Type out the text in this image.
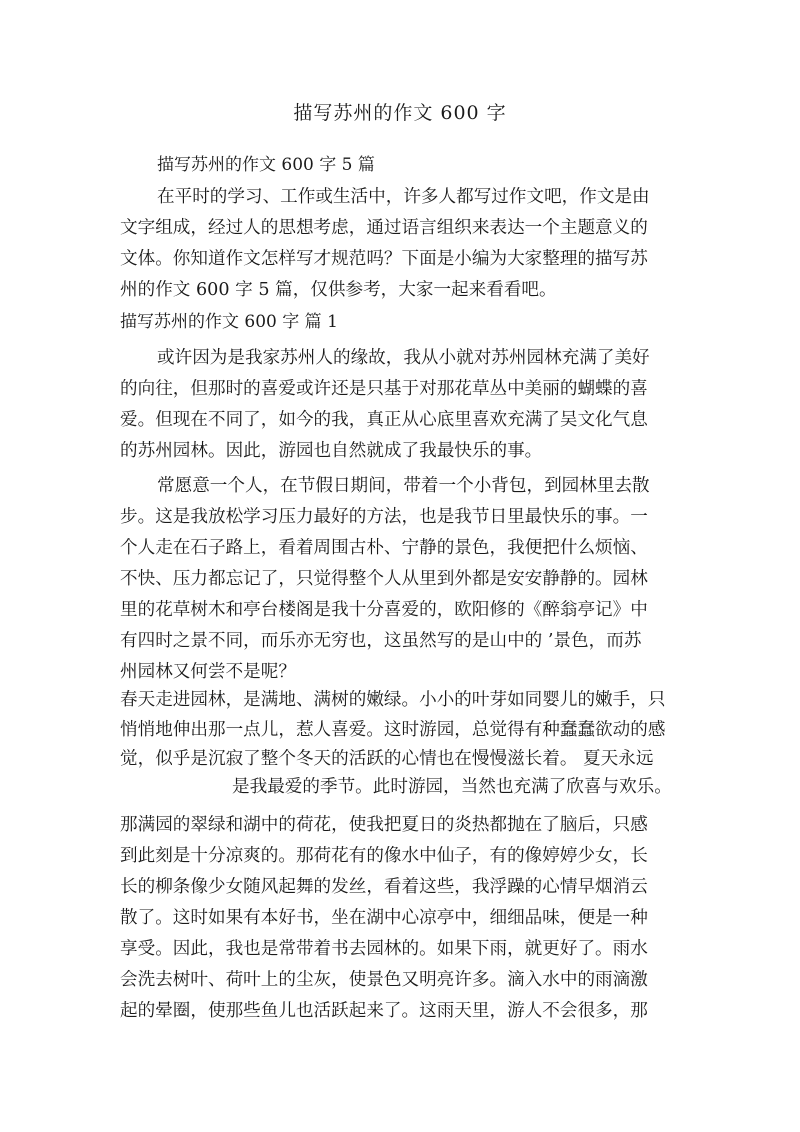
描写苏州的作文 600 字
描写苏州的作文 600 字 5 篇
在平时的学习、工作或生活中，许多人都写过作文吧，作文是由
文字组成，经过人的思想考虑，通过语言组织来表达一个主题意义的
文体。你知道作文怎样写才规范吗？下面是小编为大家整理的描写苏
州的作文 600 字 5 篇，仅供参考，大家一起来看看吧。
描写苏州的作文 600 字 篇 1
或许因为是我家苏州人的缘故，我从小就对苏州园林充满了美好
的向往，但那时的喜爱或许还是只基于对那花草丛中美丽的蝴蝶的喜
爱。但现在不同了，如今的我，真正从心底里喜欢充满了吴文化气息
的苏州园林。因此，游园也自然就成了我最快乐的事。
常愿意一个人，在节假日期间，带着一个小背包，到园林里去散
步。这是我放松学习压力最好的方法，也是我节日里最快乐的事。一
个人走在石子路上，看着周围古朴、宁静的景色，我便把什么烦恼、
不快、压力都忘记了，只觉得整个人从里到外都是安安静静的。园林
里的花草树木和亭台楼阁是我十分喜爱的，欧阳修的《醉翁亭记》中
有四时之景不同，而乐亦无穷也，这虽然写的是山中的 ’景色，而苏
州园林又何尝不是呢？
春天走进园林，是满地、满树的嫩绿。小小的叶芽如同婴儿的嫩手，只
悄悄地伸出那一点儿，惹人喜爱。这时游园，总觉得有种蠢蠢欲动的感
觉，似乎是沉寂了整个冬天的活跃的心情也在慢慢滋长着。 夏天永远
是我最爱的季节。此时游园，当然也充满了欣喜与欢乐。
那满园的翠绿和湖中的荷花，使我把夏日的炎热都抛在了脑后，只感
到此刻是十分凉爽的。那荷花有的像水中仙子，有的像婷婷少女，长
长的柳条像少女随风起舞的发丝，看着这些，我浮躁的心情早烟消云
散了。这时如果有本好书，坐在湖中心凉亭中，细细品味，便是一种
享受。因此，我也是常带着书去园林的。如果下雨，就更好了。雨水
会洗去树叶、荷叶上的尘灰，使景色又明亮许多。滴入水中的雨滴激
起的晕圈，使那些鱼儿也活跃起来了。这雨天里，游人不会很多，那
